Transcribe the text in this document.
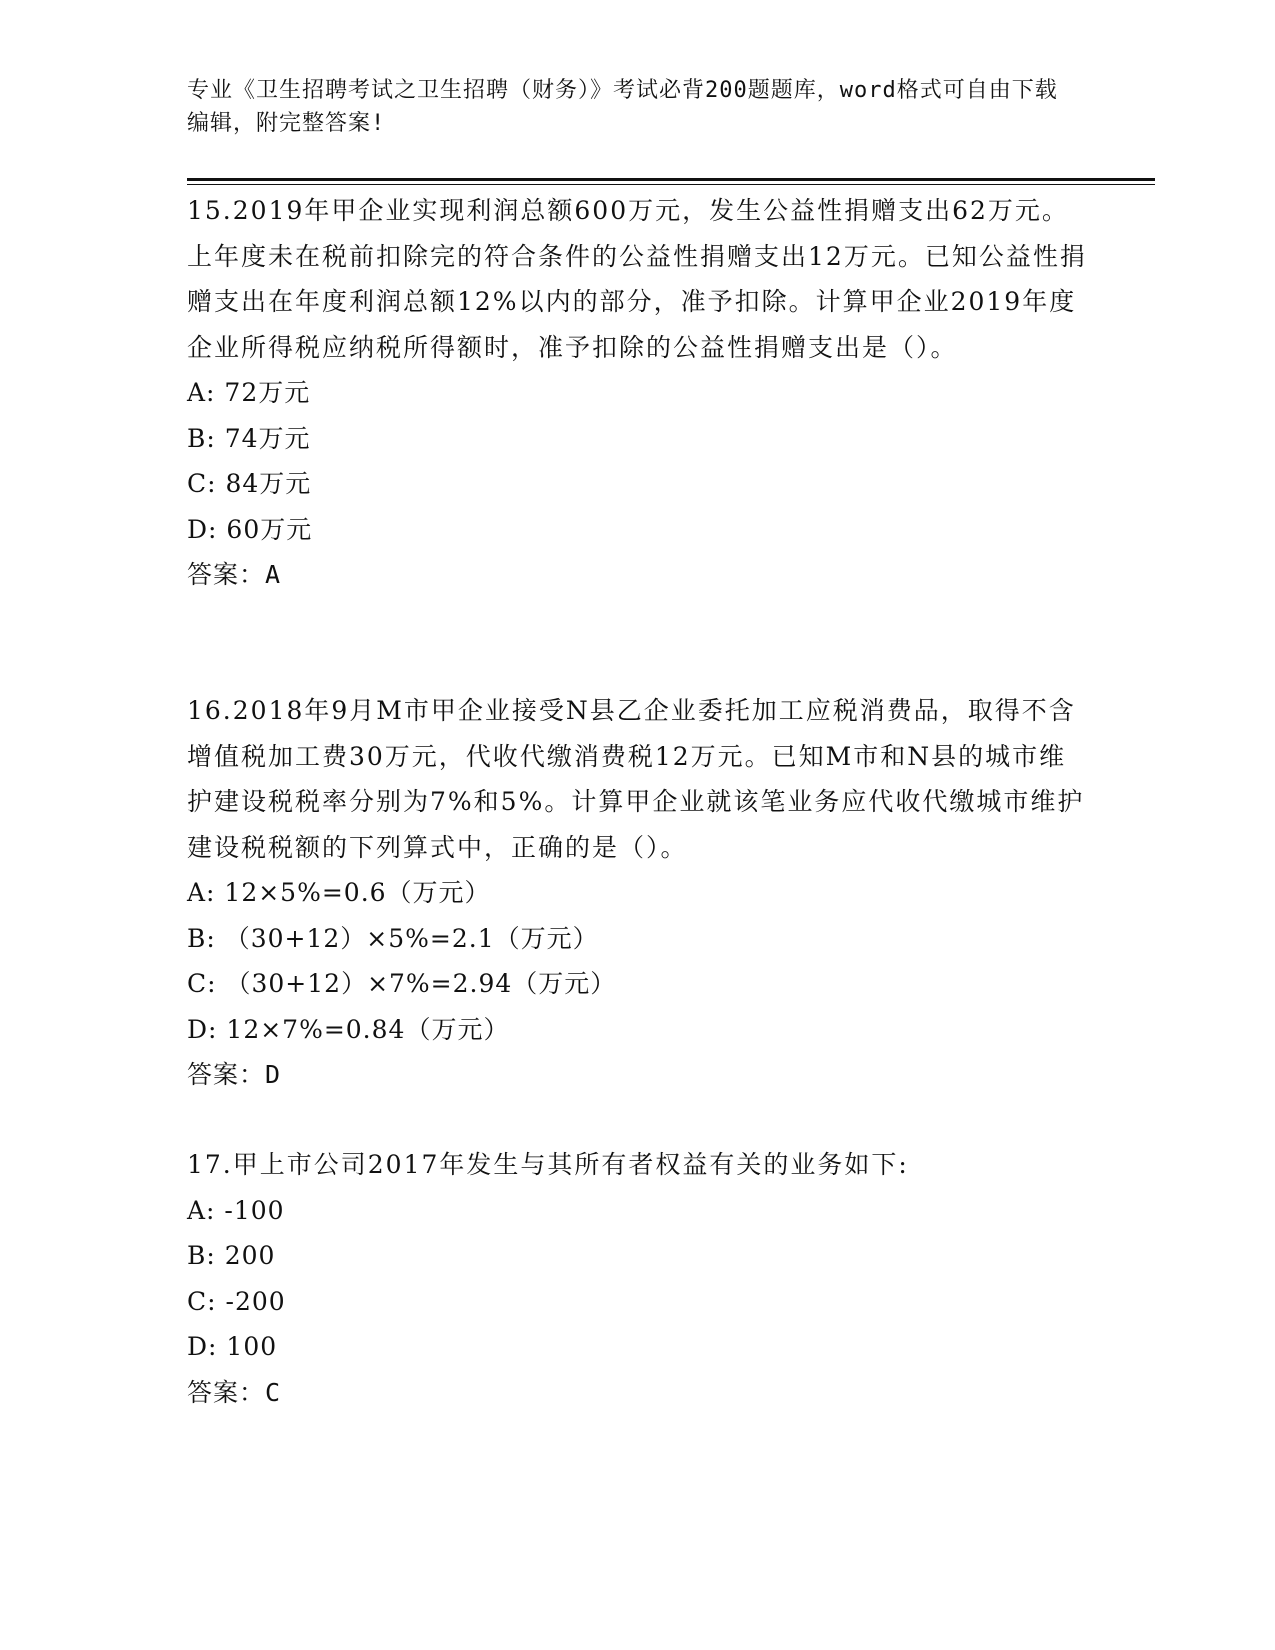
专业《卫生招聘考试之卫生招聘（财务）》考试必背200题题库，word格式可自由下载编辑，附完整答案!

15.2019年甲企业实现利润总额600万元，发生公益性捐赠支出62万元。上年度未在税前扣除完的符合条件的公益性捐赠支出12万元。已知公益性捐赠支出在年度利润总额12%以内的部分，准予扣除。计算甲企业2019年度企业所得税应纳税所得额时，准予扣除的公益性捐赠支出是（）。

A: 72万元
B: 74万元
C: 84万元
D: 60万元
答案：A

16.2018年9月M市甲企业接受N县乙企业委托加工应税消费品，取得不含增值税加工费30万元，代收代缴消费税12万元。已知M市和N县的城市维护建设税税率分别为7%和5%。计算甲企业就该笔业务应代收代缴城市维护建设税税额的下列算式中，正确的是（）。

A: 12×5%=0.6（万元）
B: （30+12）×5%=2.1（万元）
C: （30+12）×7%=2.94（万元）
D: 12×7%=0.84（万元）
答案：D

17.甲上市公司2017年发生与其所有者权益有关的业务如下:

A: -100
B: 200
C: -200
D: 100
答案：C
